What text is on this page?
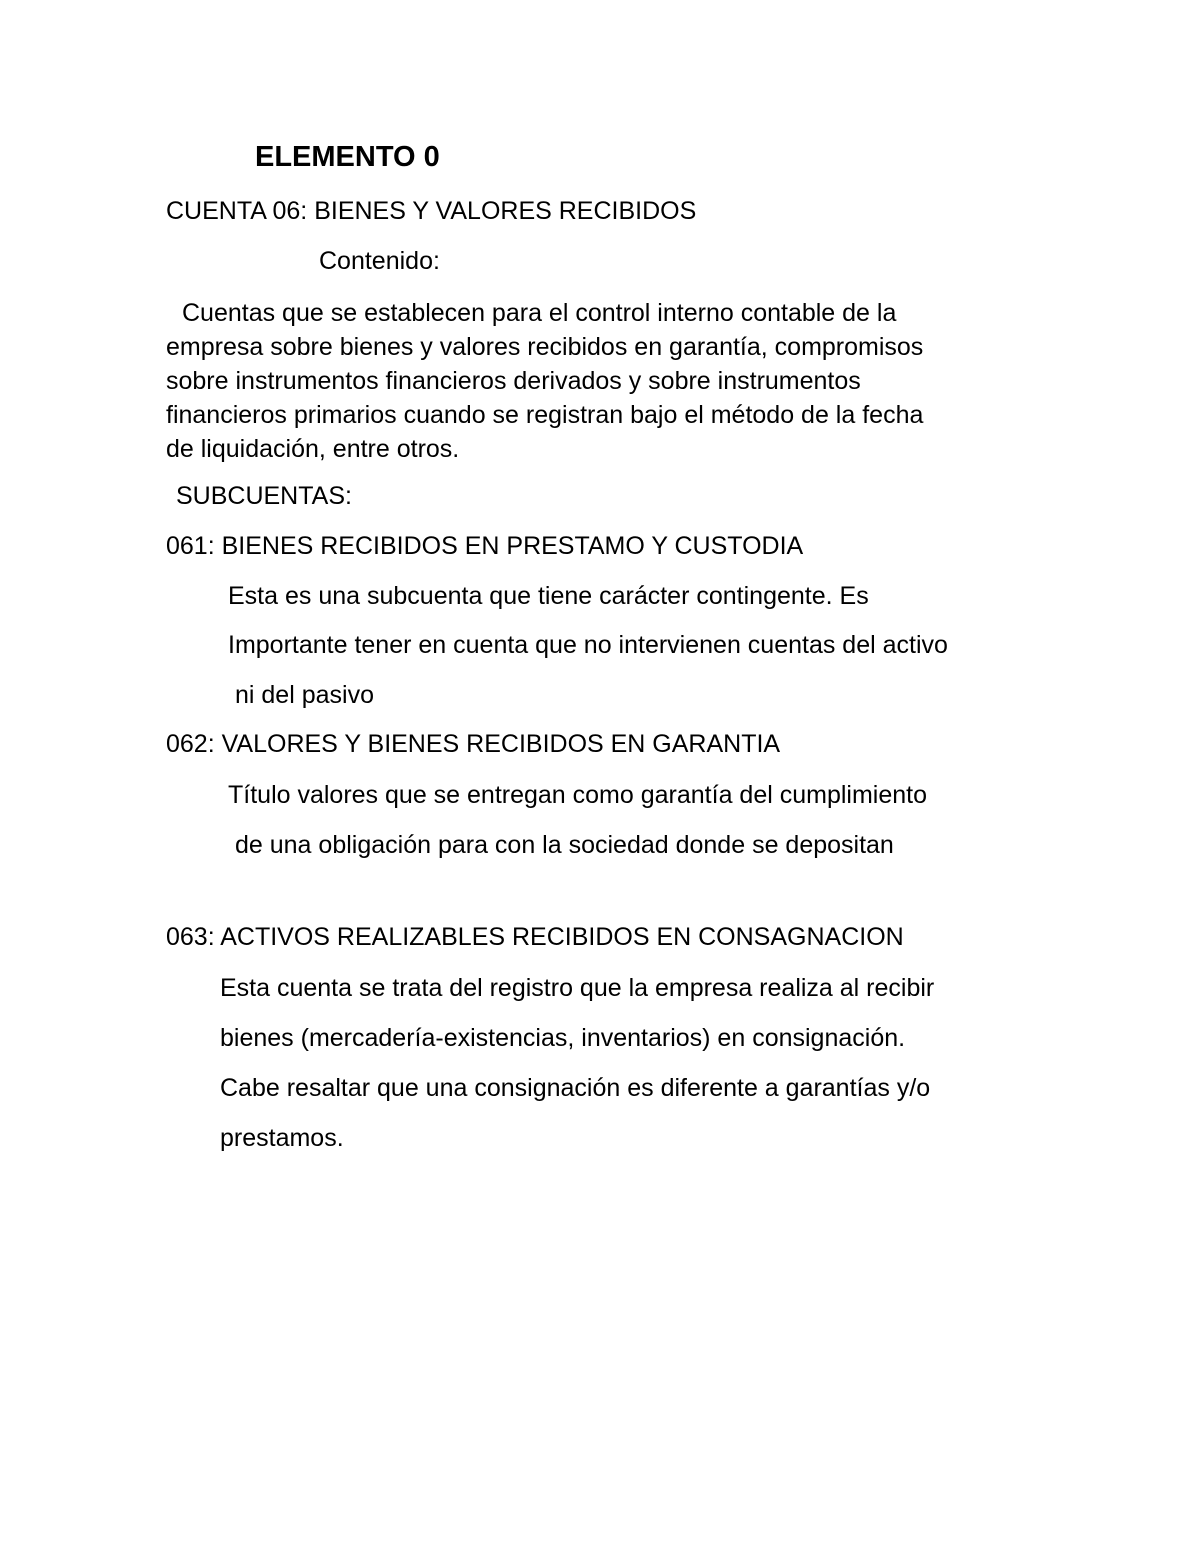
ELEMENTO 0
CUENTA 06: BIENES Y VALORES RECIBIDOS
Contenido:
Cuentas que se establecen para el control interno contable de la
empresa sobre bienes y valores recibidos en garantía, compromisos
sobre instrumentos financieros derivados y sobre instrumentos
financieros primarios cuando se registran bajo el método de la fecha
de liquidación, entre otros.
SUBCUENTAS:
061: BIENES RECIBIDOS EN PRESTAMO Y CUSTODIA
Esta es una subcuenta que tiene carácter contingente. Es
Importante tener en cuenta que no intervienen cuentas del activo
ni del pasivo
062: VALORES Y BIENES RECIBIDOS EN GARANTIA
Título valores que se entregan como garantía del cumplimiento
de una obligación para con la sociedad donde se depositan
063: ACTIVOS REALIZABLES RECIBIDOS EN CONSAGNACION
Esta cuenta se trata del registro que la empresa realiza al recibir
bienes (mercadería-existencias, inventarios) en consignación.
Cabe resaltar que una consignación es diferente a garantías y/o
prestamos.
